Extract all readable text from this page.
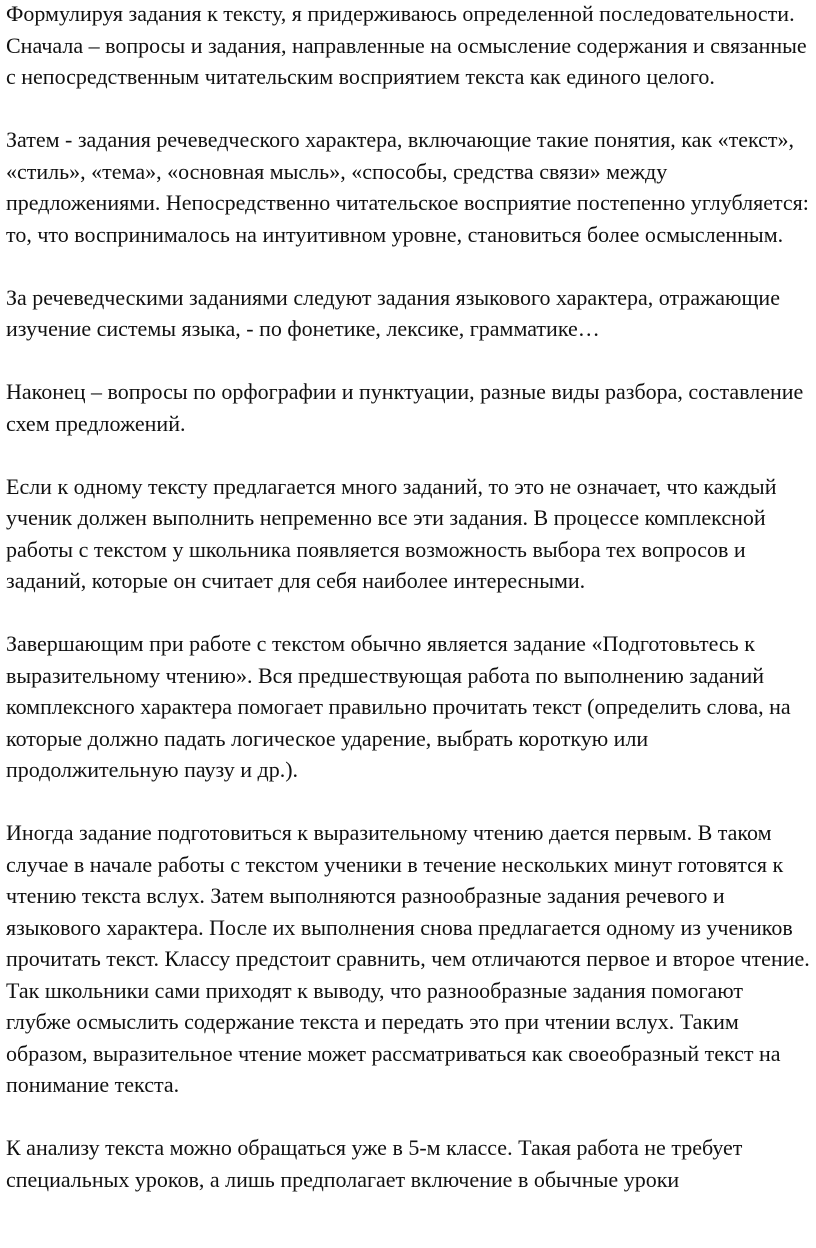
Формулируя задания к тексту, я придерживаюсь определенной последовательности. Сначала – вопросы и задания, направленные на осмысление содержания и связанные с непосредственным читательским восприятием текста как единого целого.

Затем - задания речеведческого характера, включающие такие понятия, как «текст», «стиль», «тема», «основная мысль», «способы, средства связи» между предложениями. Непосредственно читательское восприятие постепенно углубляется: то, что воспринималось на интуитивном уровне, становиться более осмысленным.

За речеведческими заданиями следуют задания языкового характера, отражающие изучение системы языка, - по фонетике, лексике, грамматике…

Наконец – вопросы по орфографии и пунктуации, разные виды разбора, составление схем предложений.

Если к одному тексту предлагается много заданий, то это не означает, что каждый ученик должен выполнить непременно все эти задания. В процессе комплексной работы с текстом у школьника появляется возможность выбора тех вопросов и заданий, которые он считает для себя наиболее интересными.

Завершающим при работе с текстом обычно является задание «Подготовьтесь к выразительному чтению». Вся предшествующая работа по выполнению заданий комплексного характера помогает правильно прочитать текст (определить слова, на которые должно падать логическое ударение, выбрать короткую или продолжительную паузу и др.).

Иногда задание подготовиться к выразительному чтению дается первым. В таком случае в начале работы с текстом ученики в течение нескольких минут готовятся к чтению текста вслух. Затем выполняются разнообразные задания речевого и языкового характера. После их выполнения снова предлагается одному из учеников прочитать текст. Классу предстоит сравнить, чем отличаются первое и второе чтение. Так школьники сами приходят к выводу, что разнообразные задания помогают глубже осмыслить содержание текста и передать это при чтении вслух. Таким образом, выразительное чтение может рассматриваться как своеобразный текст на понимание текста.

К анализу текста можно обращаться уже в 5-м классе. Такая работа не требует специальных уроков, а лишь предполагает включение в обычные уроки
